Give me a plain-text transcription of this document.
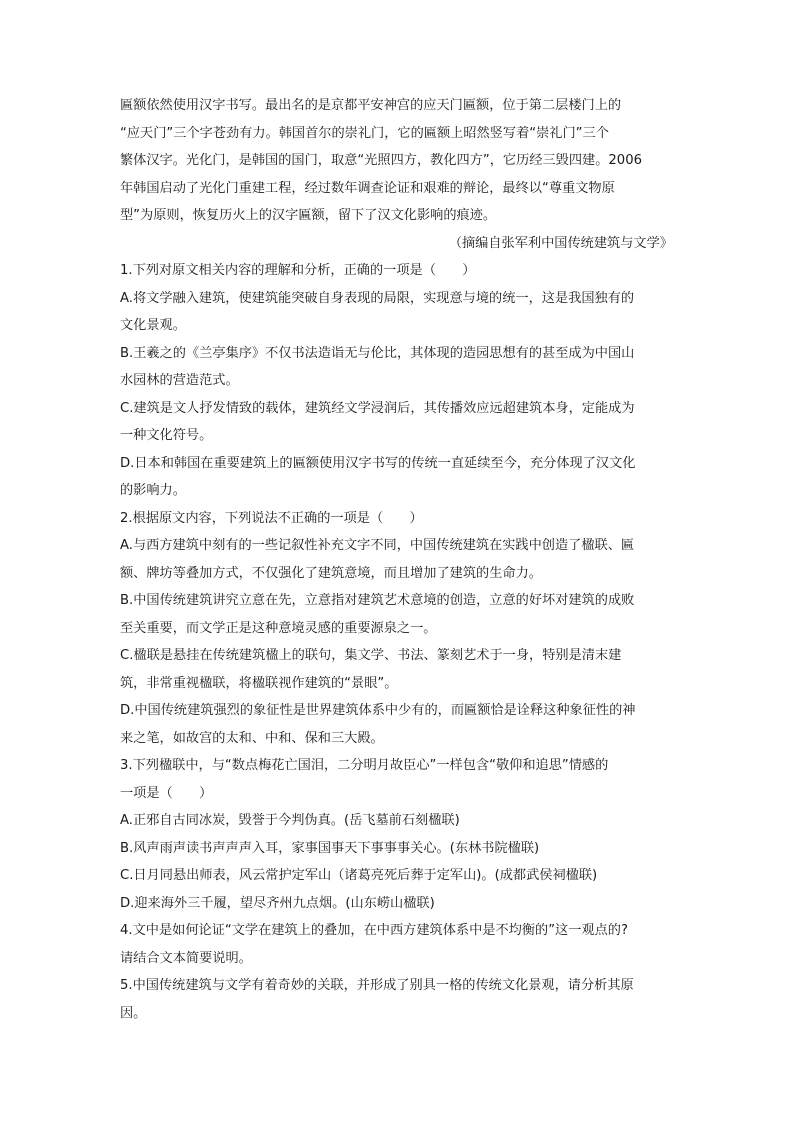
匾额依然使用汉字书写。最出名的是京都平安神宫的应天门匾额，位于第二层楼门上的
“应天门”三个字苍劲有力。韩国首尔的崇礼门，它的匾额上昭然竖写着“崇礼门”三个
繁体汉字。光化门，是韩国的国门，取意“光照四方，教化四方”，它历经三毁四建。2006
年韩国启动了光化门重建工程，经过数年调查论证和艰难的辩论，最终以“尊重文物原
型”为原则，恢复历火上的汉字匾额，留下了汉文化影响的痕迹。
（摘编自张军利中国传统建筑与文学》
1.下列对原文相关内容的理解和分析，正确的一项是（　　）
A.将文学融入建筑，使建筑能突破自身表现的局限，实现意与境的统一，这是我国独有的
文化景观。
B.王羲之的《兰亭集序》不仅书法造诣无与伦比，其体现的造园思想有的甚至成为中国山
水园林的营造范式。
C.建筑是文人抒发情致的载体，建筑经文学浸润后，其传播效应远超建筑本身，定能成为
一种文化符号。
D.日本和韩国在重要建筑上的匾额使用汉字书写的传统一直延续至今，充分体现了汉文化
的影响力。
2.根据原文内容，下列说法不正确的一项是（　　）
A.与西方建筑中刻有的一些记叙性补充文字不同，中国传统建筑在实践中创造了楹联、匾
额、牌坊等叠加方式，不仅强化了建筑意境，而且增加了建筑的生命力。
B.中国传统建筑讲究立意在先，立意指对建筑艺术意境的创造，立意的好坏对建筑的成败
至关重要，而文学正是这种意境灵感的重要源泉之一。
C.楹联是悬挂在传统建筑楹上的联句，集文学、书法、篆刻艺术于一身，特别是清末建
筑，非常重视楹联，将楹联视作建筑的“景眼”。
D.中国传统建筑强烈的象征性是世界建筑体系中少有的，而匾额恰是诠释这种象征性的神
来之笔，如故宫的太和、中和、保和三大殿。
3.下列楹联中，与“数点梅花亡国泪，二分明月故臣心”一样包含“敬仰和追思”情感的
一项是（　　）
A.正邪自古同冰炭，毁誉于今判伪真。(岳飞墓前石刻楹联)
B.风声雨声读书声声声入耳，家事国事天下事事事关心。(东林书院楹联)
C.日月同悬出师表，风云常护定军山（诸葛亮死后葬于定军山)。(成都武侯祠楹联)
D.迎来海外三千履，望尽齐州九点烟。(山东崂山楹联)
4.文中是如何论证“文学在建筑上的叠加，在中西方建筑体系中是不均衡的”这一观点的?
请结合文本简要说明。
5.中国传统建筑与文学有着奇妙的关联，并形成了别具一格的传统文化景观，请分析其原
因。
